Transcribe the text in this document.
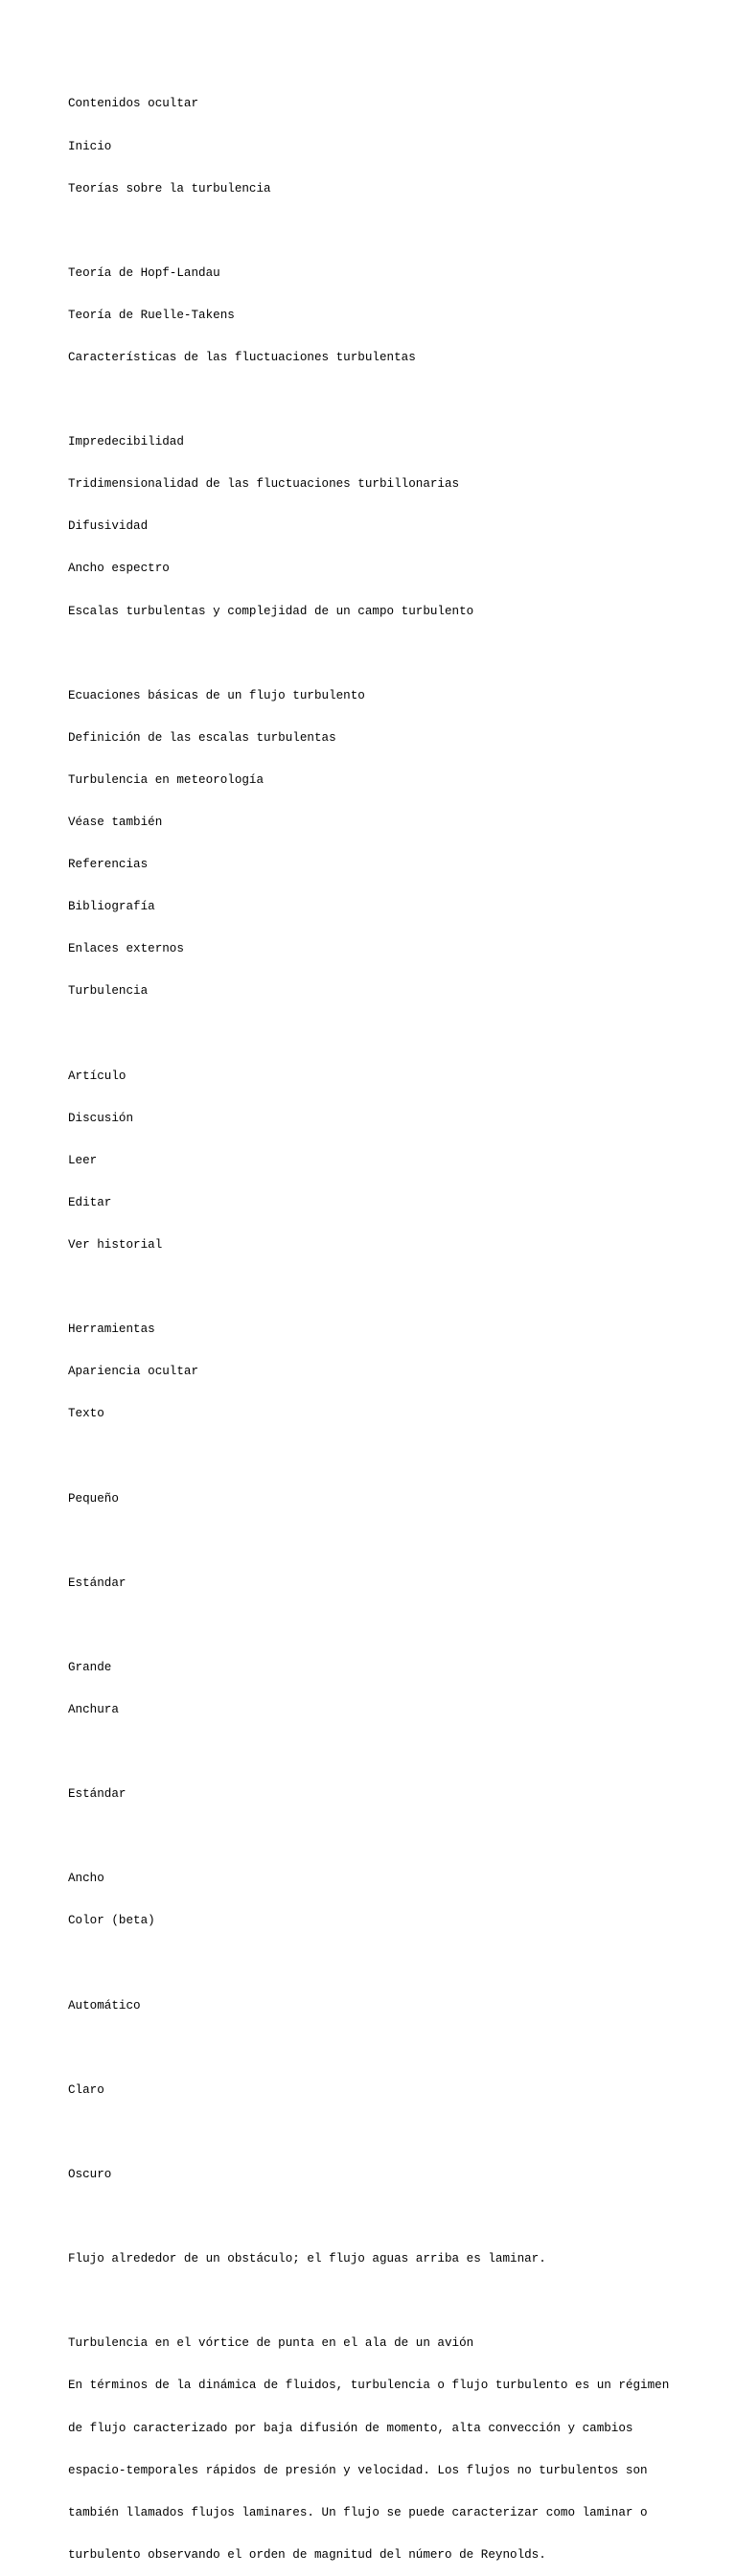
Contenidos ocultar

Inicio

Teorías sobre la turbulencia

Teoría de Hopf-Landau

Teoría de Ruelle-Takens

Características de las fluctuaciones turbulentas

Impredecibilidad

Tridimensionalidad de las fluctuaciones turbillonarias

Difusividad

Ancho espectro

Escalas turbulentas y complejidad de un campo turbulento

Ecuaciones básicas de un flujo turbulento

Definición de las escalas turbulentas

Turbulencia en meteorología

Véase también

Referencias

Bibliografía

Enlaces externos

Turbulencia

Artículo

Discusión

Leer

Editar

Ver historial

Herramientas

Apariencia ocultar

Texto

Pequeño

Estándar

Grande

Anchura

Estándar

Ancho

Color (beta)

Automático

Claro

Oscuro

Flujo alrededor de un obstáculo; el flujo aguas arriba es laminar.

Turbulencia en el vórtice de punta en el ala de un avión

En términos de la dinámica de fluidos, turbulencia o flujo turbulento es un régimen

de flujo caracterizado por baja difusión de momento, alta convección y cambios

espacio-temporales rápidos de presión y velocidad. Los flujos no turbulentos son

también llamados flujos laminares. Un flujo se puede caracterizar como laminar o

turbulento observando el orden de magnitud del número de Reynolds.
